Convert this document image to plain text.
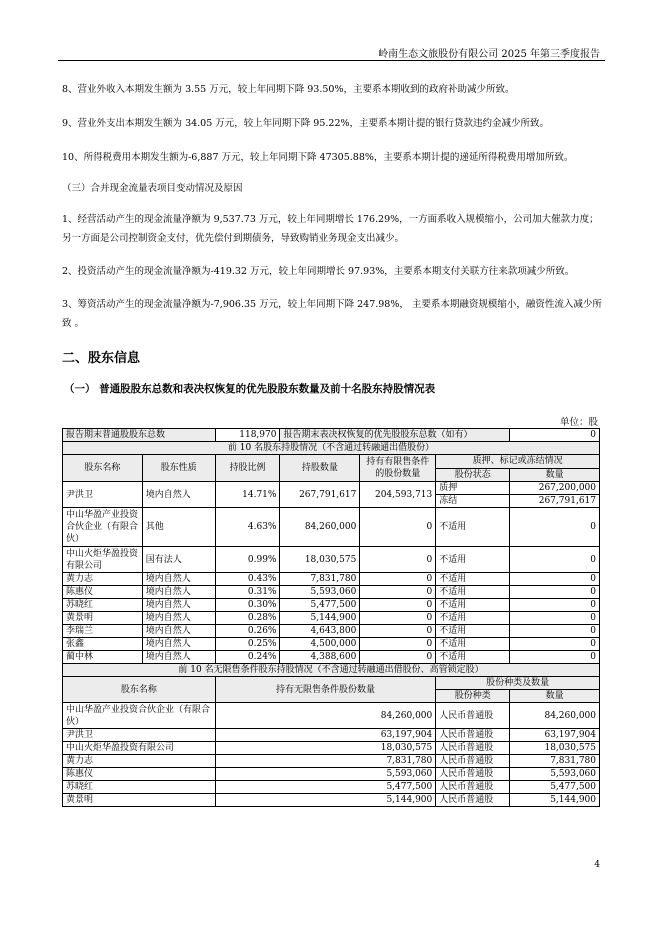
岭南生态文旅股份有限公司 2025 年第三季度报告
8、营业外收入本期发生额为 3.55 万元，较上年同期下降 93.50%，主要系本期收到的政府补助减少所致。
9、营业外支出本期发生额为 34.05 万元，较上年同期下降 95.22%，主要系本期计提的银行贷款违约金减少所致。
10、所得税费用本期发生额为-6,887 万元，较上年同期下降 47305.88%，主要系本期计提的递延所得税费用增加所致。
（三）合并现金流量表项目变动情况及原因
1、经营活动产生的现金流量净额为 9,537.73 万元，较上年同期增长 176.29%，一方面系收入规模缩小，公司加大催款力度；另一方面是公司控制资金支付，优先偿付到期债务，导致购销业务现金支出减少。
2、投资活动产生的现金流量净额为-419.32 万元，较上年同期增长 97.93%，主要系本期支付关联方往来款项减少所致。
3、筹资活动产生的现金流量净额为-7,906.35 万元，较上年同期下降 247.98%， 主要系本期融资规模缩小，融资性流入减少所致 。
二、股东信息
（一） 普通股股东总数和表决权恢复的优先股股东数量及前十名股东持股情况表
单位：股
报告期末普通股股东总数		118,970	报告期末表决权恢复的优先股股东总数（如有）			0
前 10 名股东持股情况（不含通过转融通出借股份）						
股东名称	股东性质	持股比例	持股数量	持有有限售条件的股份数量	质押、标记或冻结情况	
					股份状态	数量
尹洪卫	境内自然人	14.71%	267,791,617	204,593,713	质押	267,200,000
					冻结	267,791,617
中山华盈产业投资合伙企业（有限合伙）	其他	4.63%	84,260,000	0	不适用	0
中山火炬华盈投资有限公司	国有法人	0.99%	18,030,575	0	不适用	0
黄力志	境内自然人	0.43%	7,831,780	0	不适用	0
陈惠仪	境内自然人	0.31%	5,593,060	0	不适用	0
苏晓红	境内自然人	0.30%	5,477,500	0	不适用	0
黄景明	境内自然人	0.28%	5,144,900	0	不适用	0
李瑞兰	境内自然人	0.26%	4,643,800	0	不适用	0
张鑫	境内自然人	0.25%	4,500,000	0	不适用	0
蔺中林	境内自然人	0.24%	4,388,600	0	不适用	0
前 10 名无限售条件股东持股情况（不含通过转融通出借股份、高管锁定股）						
股东名称		持有无限售条件股份数量			股份种类及数量	
					股份种类	数量
中山华盈产业投资合伙企业（有限合伙）		84,260,000			人民币普通股	84,260,000
尹洪卫		63,197,904			人民币普通股	63,197,904
中山火炬华盈投资有限公司		18,030,575			人民币普通股	18,030,575
黄力志		7,831,780			人民币普通股	7,831,780
陈惠仪		5,593,060			人民币普通股	5,593,060
苏晓红		5,477,500			人民币普通股	5,477,500
黄景明		5,144,900			人民币普通股	5,144,900
4
